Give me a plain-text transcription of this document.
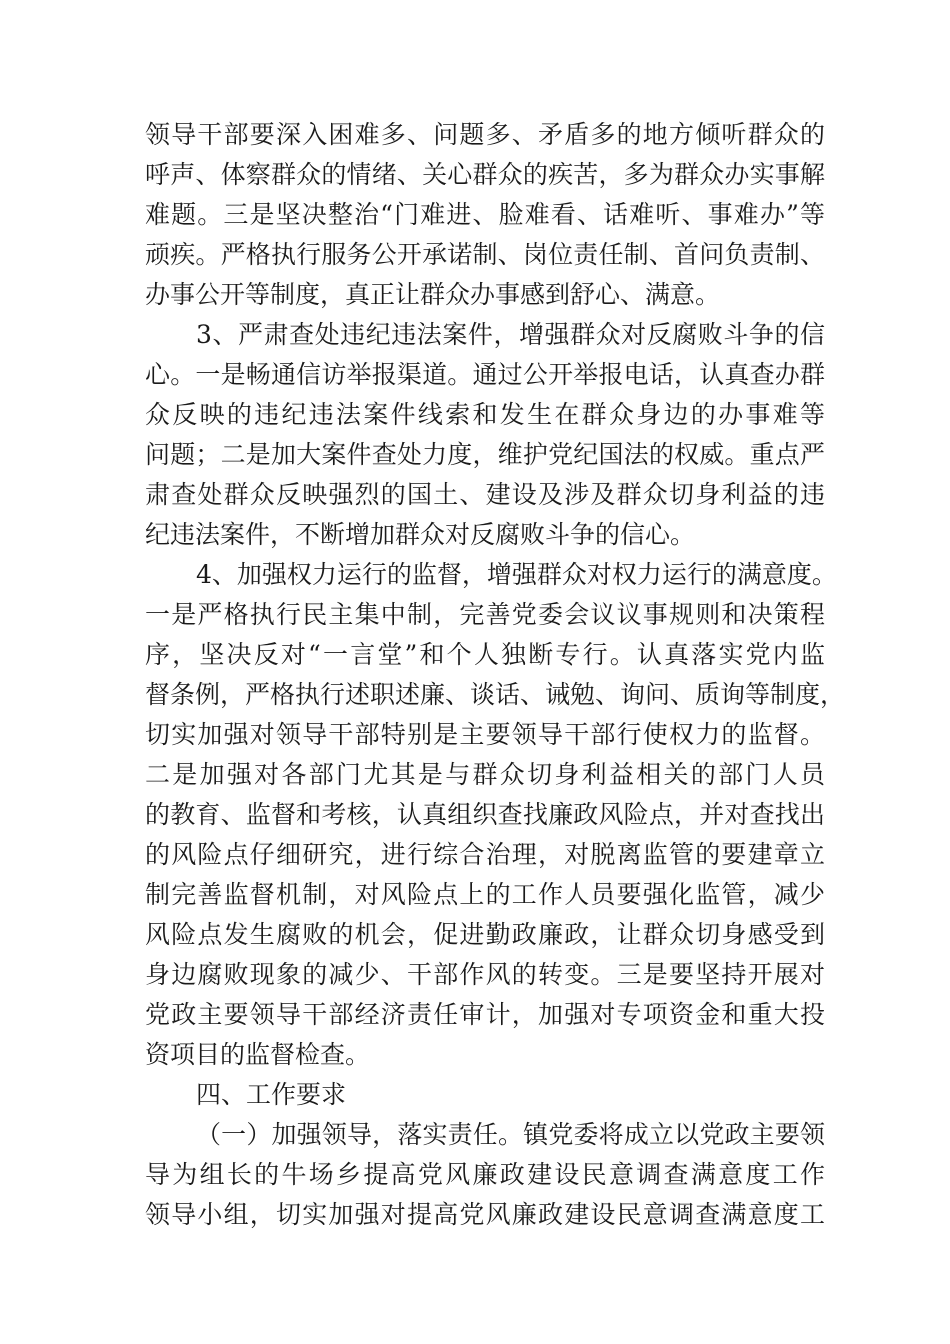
领导干部要深入困难多、问题多、矛盾多的地方倾听群众的
呼声、体察群众的情绪、关心群众的疾苦，多为群众办实事解
难题。三是坚决整治“门难进、脸难看、话难听、事难办”等
顽疾。严格执行服务公开承诺制、岗位责任制、首问负责制、
办事公开等制度，真正让群众办事感到舒心、满意。
3、严肃查处违纪违法案件，增强群众对反腐败斗争的信
心。一是畅通信访举报渠道。通过公开举报电话，认真查办群
众反映的违纪违法案件线索和发生在群众身边的办事难等
问题；二是加大案件查处力度，维护党纪国法的权威。重点严
肃查处群众反映强烈的国土、建设及涉及群众切身利益的违
纪违法案件，不断增加群众对反腐败斗争的信心。
4、加强权力运行的监督，增强群众对权力运行的满意度。
一是严格执行民主集中制，完善党委会议议事规则和决策程
序，坚决反对“一言堂”和个人独断专行。认真落实党内监
督条例，严格执行述职述廉、谈话、诫勉、询问、质询等制度，
切实加强对领导干部特别是主要领导干部行使权力的监督。
二是加强对各部门尤其是与群众切身利益相关的部门人员
的教育、监督和考核，认真组织查找廉政风险点，并对查找出
的风险点仔细研究，进行综合治理，对脱离监管的要建章立
制完善监督机制，对风险点上的工作人员要强化监管，减少
风险点发生腐败的机会，促进勤政廉政，让群众切身感受到
身边腐败现象的减少、干部作风的转变。三是要坚持开展对
党政主要领导干部经济责任审计，加强对专项资金和重大投
资项目的监督检查。
四、工作要求
（一）加强领导，落实责任。镇党委将成立以党政主要领
导为组长的牛场乡提高党风廉政建设民意调查满意度工作
领导小组，切实加强对提高党风廉政建设民意调查满意度工
